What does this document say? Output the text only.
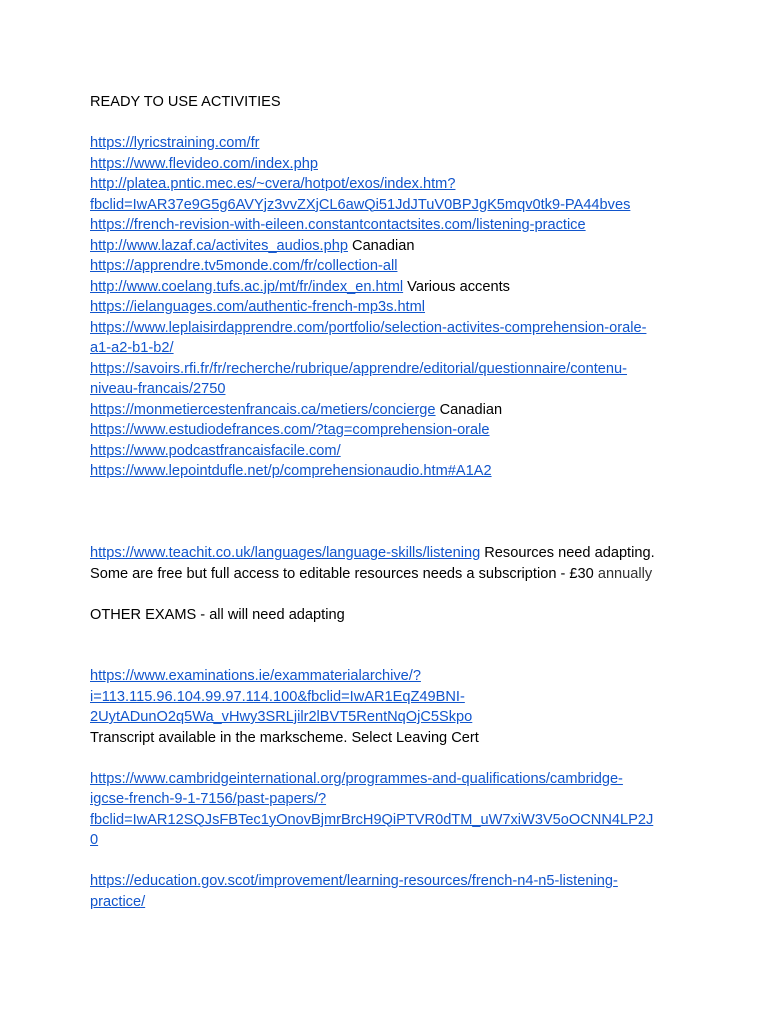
READY TO USE ACTIVITIES
https://lyricstraining.com/fr
https://www.flevideo.com/index.php
http://platea.pntic.mec.es/~cvera/hotpot/exos/index.htm?
fbclid=IwAR37e9G5g6AVYjz3vvZXjCL6awQi51JdJTuV0BPJgK5mqv0tk9-PA44bves
https://french-revision-with-eileen.constantcontactsites.com/listening-practice
http://www.lazaf.ca/activites_audios.php Canadian
https://apprendre.tv5monde.com/fr/collection-all
http://www.coelang.tufs.ac.jp/mt/fr/index_en.html Various accents
https://ielanguages.com/authentic-french-mp3s.html
https://www.leplaisirdapprendre.com/portfolio/selection-activites-comprehension-orale-
a1-a2-b1-b2/
https://savoirs.rfi.fr/fr/recherche/rubrique/apprendre/editorial/questionnaire/contenu-
niveau-francais/2750
https://monmetiercestenfrancais.ca/metiers/concierge Canadian
https://www.estudiodefrances.com/?tag=comprehension-orale
https://www.podcastfrancaisfacile.com/
https://www.lepointdufle.net/p/comprehensionaudio.htm#A1A2
https://www.teachit.co.uk/languages/language-skills/listening Resources need adapting.
Some are free but full access to editable resources needs a subscription - £30 annually
OTHER EXAMS - all will need adapting
https://www.examinations.ie/exammaterialarchive/?
i=113.115.96.104.99.97.114.100&fbclid=IwAR1EqZ49BNI-
2UytADunO2q5Wa_vHwy3SRLjilr2lBVT5RentNqOjC5Skpo
Transcript available in the markscheme. Select Leaving Cert
https://www.cambridgeinternational.org/programmes-and-qualifications/cambridge-
igcse-french-9-1-7156/past-papers/?
fbclid=IwAR12SQJsFBTec1yOnovBjmrBrcH9QiPTVR0dTM_uW7xiW3V5oOCNN4LP2J
0
https://education.gov.scot/improvement/learning-resources/french-n4-n5-listening-
practice/
